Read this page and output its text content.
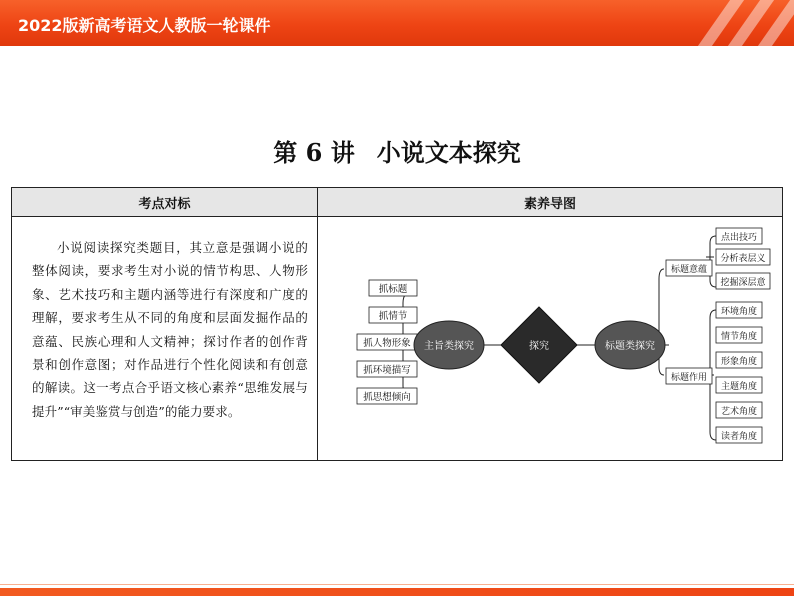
2022版新高考语文人教版一轮课件
第 6 讲 小说文本探究
考点对标	素养导图
小说阅读探究类题目，其立意是强调小说的整体阅读，要求考生对小说的情节构思、人物形象、艺术技巧和主题内涵等进行有深度和广度的理解，要求考生从不同的角度和层面发掘作品的意蕴、民族心理和人文精神；探讨作者的创作背景和创作意图；对作品进行个性化阅读和有创意的解读。这一考点合乎语文核心素养“思维发展与提升”“审美鉴赏与创造”的能力要求。
抓标题
抓情节
抓人物形象
抓环境描写
抓思想倾向
主旨类探究	探究	标题类探究
标题意蕴
标题作用
点出技巧
分析表层义
挖掘深层意
环境角度
情节角度
形象角度
主题角度
艺术角度
读者角度
